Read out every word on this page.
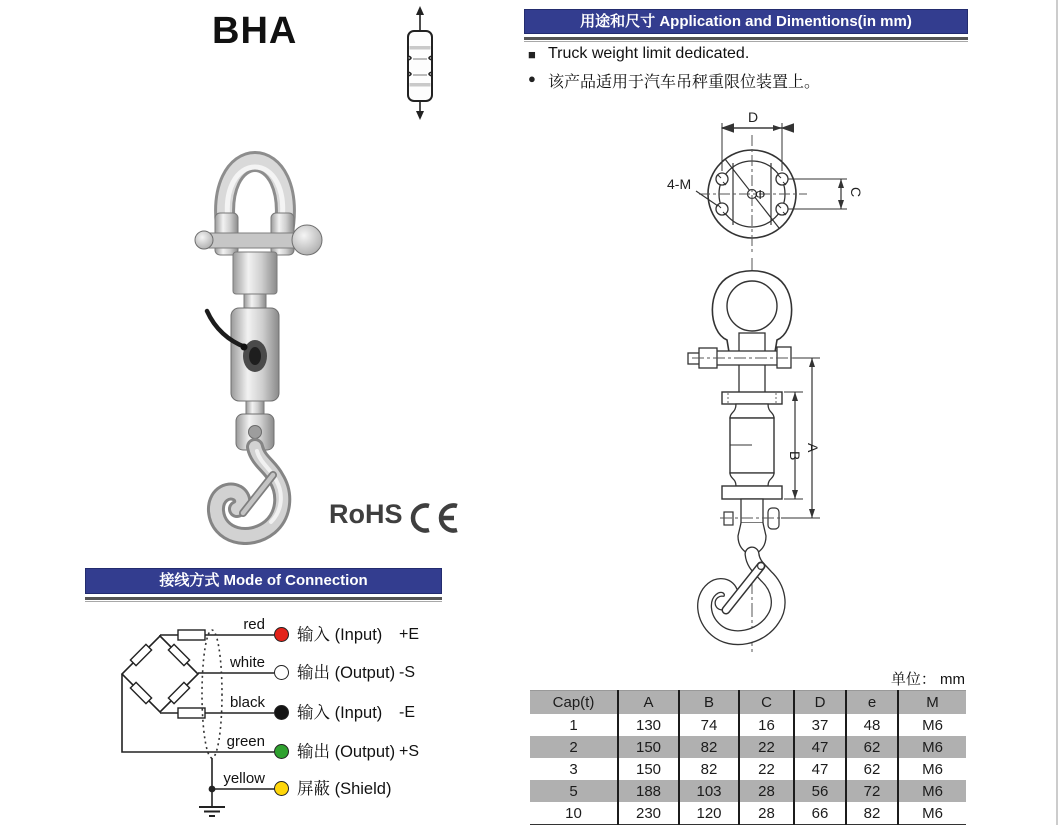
BHA
RoHS
接线方式 Mode of Connection
red
输入 (Input) +E
white
输出 (Output) -S
black
输入 (Input) -E
green
输出 (Output) +S
yellow
屏蔽 (Shield)
用途和尺寸 Application and Dimentions(in mm)
■ Truck weight limit dedicated.
● 该产品适用于汽车吊秤重限位装置上。
D
C
4-M
Φ
B
A
单位： mm
Cap(t)	A	B	C	D	e	M
1	130	74	16	37	48	M6
2	150	82	22	47	62	M6
3	150	82	22	47	62	M6
5	188	103	28	56	72	M6
10	230	120	28	66	82	M6
